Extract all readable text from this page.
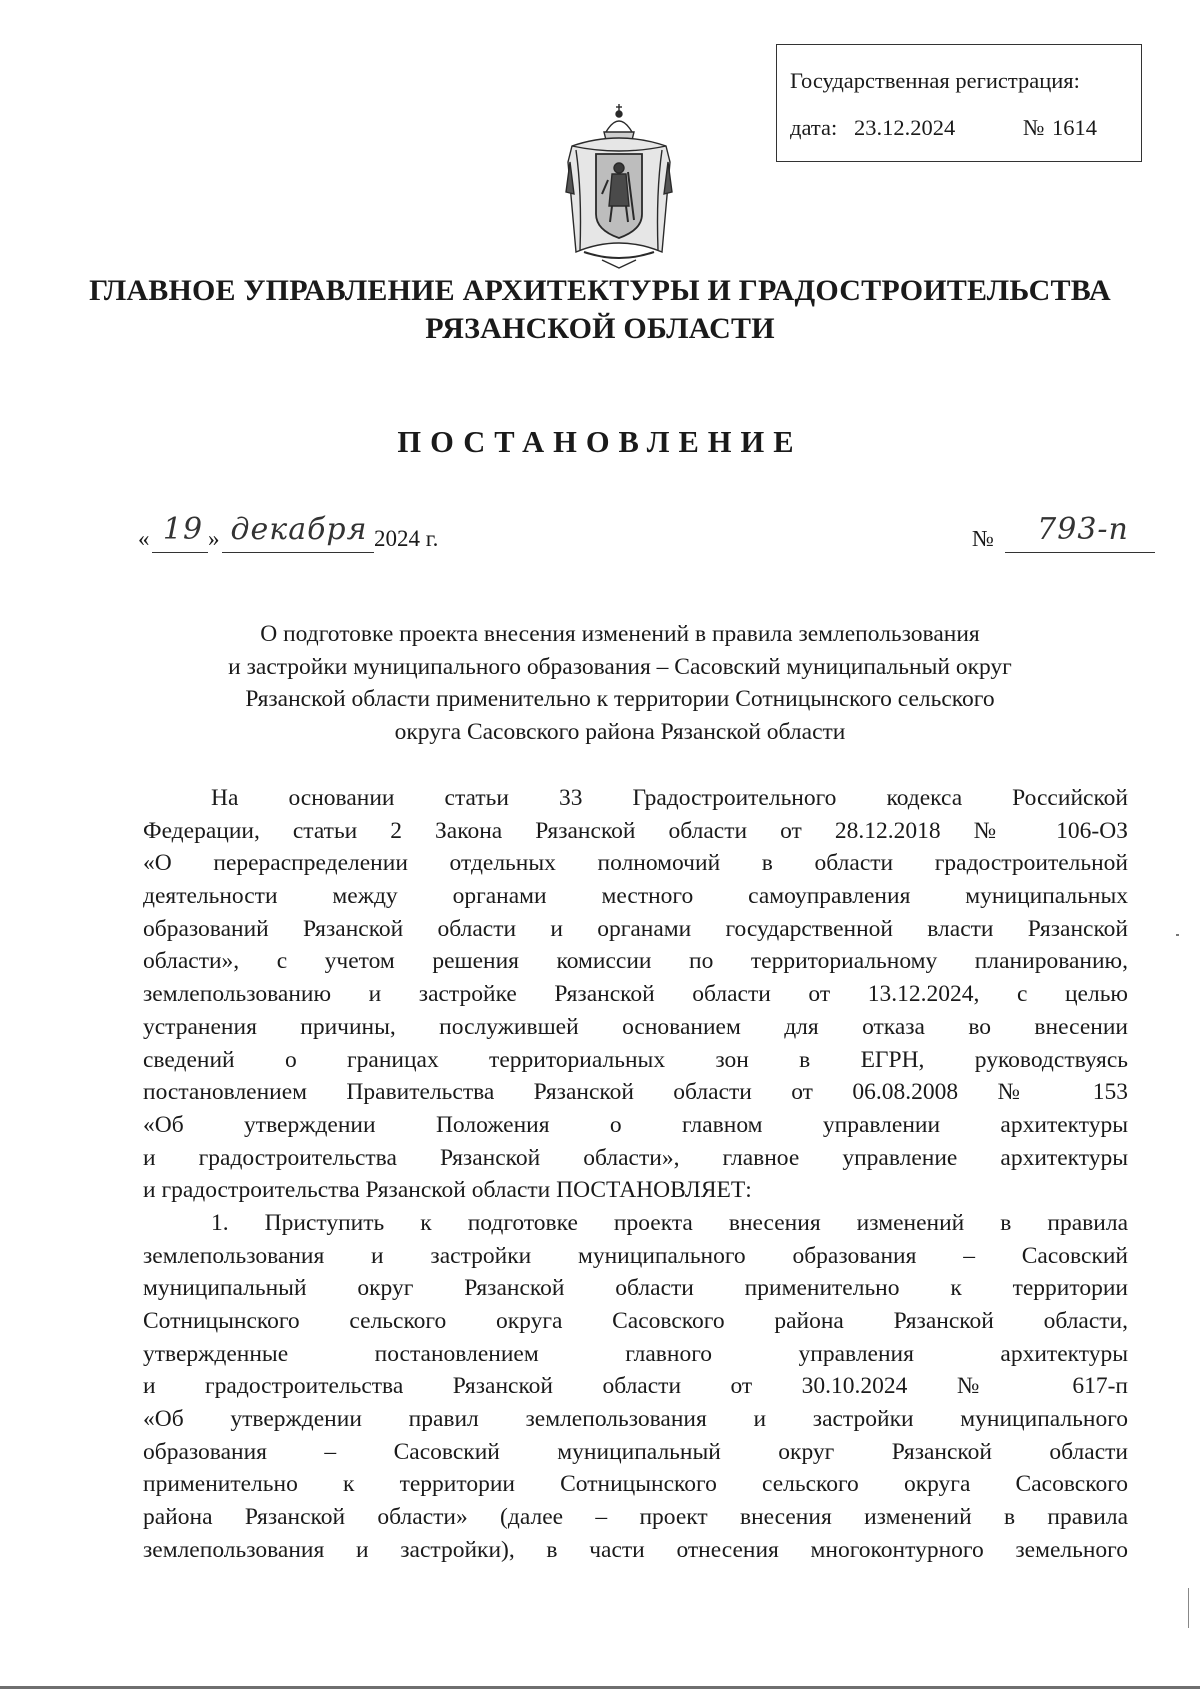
Государственная регистрация:
дата: 23.12.2024	№ 1614
ГЛАВНОЕ УПРАВЛЕНИЕ АРХИТЕКТУРЫ И ГРАДОСТРОИТЕЛЬСТВА
РЯЗАНСКОЙ ОБЛАСТИ
ПОСТАНОВЛЕНИЕ
« 19 » декабря 2024 г.	№	793-п
О подготовке проекта внесения изменений в правила землепользования
и застройки муниципального образования – Сасовский муниципальный округ
Рязанской области применительно к территории Сотницынского сельского
округа Сасовского района Рязанской области
На основании статьи 33 Градостроительного кодекса Российской
Федерации, статьи 2 Закона Рязанской области от 28.12.2018 № 106-ОЗ
«О перераспределении отдельных полномочий в области градостроительной
деятельности между органами местного самоуправления муниципальных
образований Рязанской области и органами государственной власти Рязанской
области», с учетом решения комиссии по территориальному планированию,
землепользованию и застройке Рязанской области от 13.12.2024, с целью
устранения причины, послужившей основанием для отказа во внесении
сведений о границах территориальных зон в ЕГРН, руководствуясь
постановлением Правительства Рязанской области от 06.08.2008 № 153
«Об утверждении Положения о главном управлении архитектуры
и градостроительства Рязанской области», главное управление архитектуры
и градостроительства Рязанской области ПОСТАНОВЛЯЕТ:
1. Приступить к подготовке проекта внесения изменений в правила
землепользования и застройки муниципального образования – Сасовский
муниципальный округ Рязанской области применительно к территории
Сотницынского сельского округа Сасовского района Рязанской области,
утвержденные постановлением главного управления архитектуры
и градостроительства Рязанской области от 30.10.2024 № 617-п
«Об утверждении правил землепользования и застройки муниципального
образования – Сасовский муниципальный округ Рязанской области
применительно к территории Сотницынского сельского округа Сасовского
района Рязанской области» (далее – проект внесения изменений в правила
землепользования и застройки), в части отнесения многоконтурного земельного
